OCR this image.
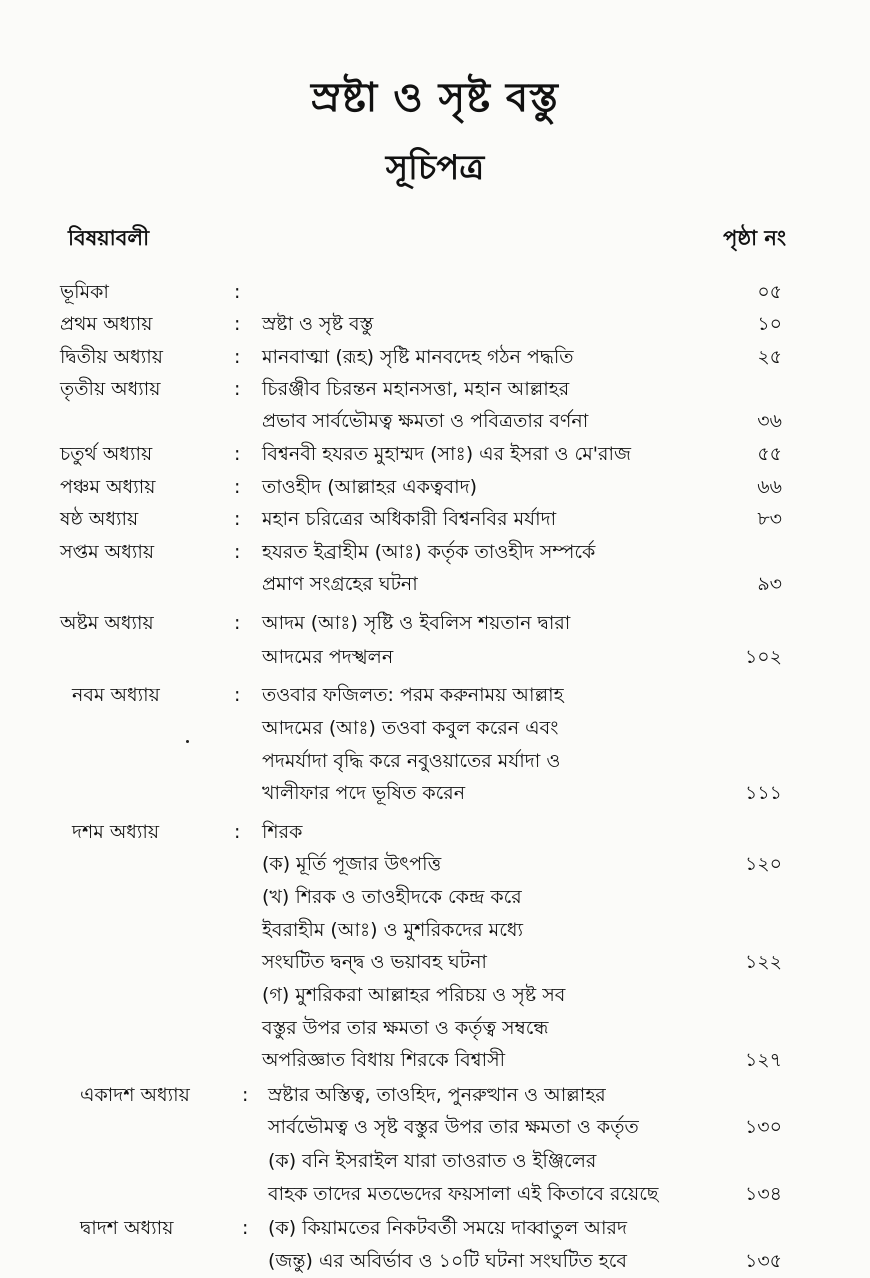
স্রষ্টা ও সৃষ্ট বস্তু
সূচিপত্র
বিষয়াবলী	পৃষ্ঠা নং
ভূমিকা	:	০৫
প্রথম অধ্যায়	: স্রষ্টা ও সৃষ্ট বস্তু	১০
দ্বিতীয় অধ্যায়	: মানবাত্মা (রূহ) সৃষ্টি মানবদেহ গঠন পদ্ধতি	২৫
তৃতীয় অধ্যায়	: চিরঞ্জীব চিরন্তন মহানসত্তা, মহান আল্লাহর
প্রভাব সার্বভৌমত্ব ক্ষমতা ও পবিত্রতার বর্ণনা	৩৬
চতুর্থ অধ্যায়	: বিশ্বনবী হযরত মুহাম্মদ (সাঃ) এর ইসরা ও মে'রাজ	৫৫
পঞ্চম অধ্যায়	: তাওহীদ (আল্লাহর একত্ববাদ)	৬৬
ষষ্ঠ অধ্যায়	: মহান চরিত্রের অধিকারী বিশ্বনবির মর্যাদা	৮৩
সপ্তম অধ্যায়	: হযরত ইব্রাহীম (আঃ) কর্তৃক তাওহীদ সম্পর্কে
প্রমাণ সংগ্রহের ঘটনা	৯৩
অষ্টম অধ্যায়	: আদম (আঃ) সৃষ্টি ও ইবলিস শয়তান দ্বারা
আদমের পদস্খলন	১০২
নবম অধ্যায়	: তওবার ফজিলত: পরম করুনাময় আল্লাহ
আদমের (আঃ) তওবা কবুল করেন এবং
পদমর্যাদা বৃদ্ধি করে নবুওয়াতের মর্যাদা ও
খালীফার পদে ভূষিত করেন	১১১
দশম অধ্যায়	: শিরক
(ক) মূর্তি পূজার উৎপত্তি	১২০
(খ) শিরক ও তাওহীদকে কেন্দ্র করে
ইবরাহীম (আঃ) ও মুশরিকদের মধ্যে
সংঘটিত দ্বন্দ্ব ও ভয়াবহ ঘটনা	১২২
(গ) মুশরিকরা আল্লাহর পরিচয় ও সৃষ্ট সব
বস্তুর উপর তার ক্ষমতা ও কর্তৃত্ব সম্বন্ধে
অপরিজ্ঞাত বিধায় শিরকে বিশ্বাসী	১২৭
একাদশ অধ্যায়	: স্রষ্টার অস্তিত্ব, তাওহিদ, পুনরুত্থান ও আল্লাহর
সার্বভৌমত্ব ও সৃষ্ট বস্তুর উপর তার ক্ষমতা ও কর্তৃত	১৩০
(ক) বনি ইসরাইল যারা তাওরাত ও ইঞ্জিলের
বাহক তাদের মতভেদের ফয়সালা এই কিতাবে রয়েছে	১৩৪
দ্বাদশ অধ্যায়	: (ক) কিয়ামতের নিকটবর্তী সময়ে দাব্বাতুল আরদ
(জন্তু) এর অবির্ভাব ও ১০টি ঘটনা সংঘটিত হবে	১৩৫
